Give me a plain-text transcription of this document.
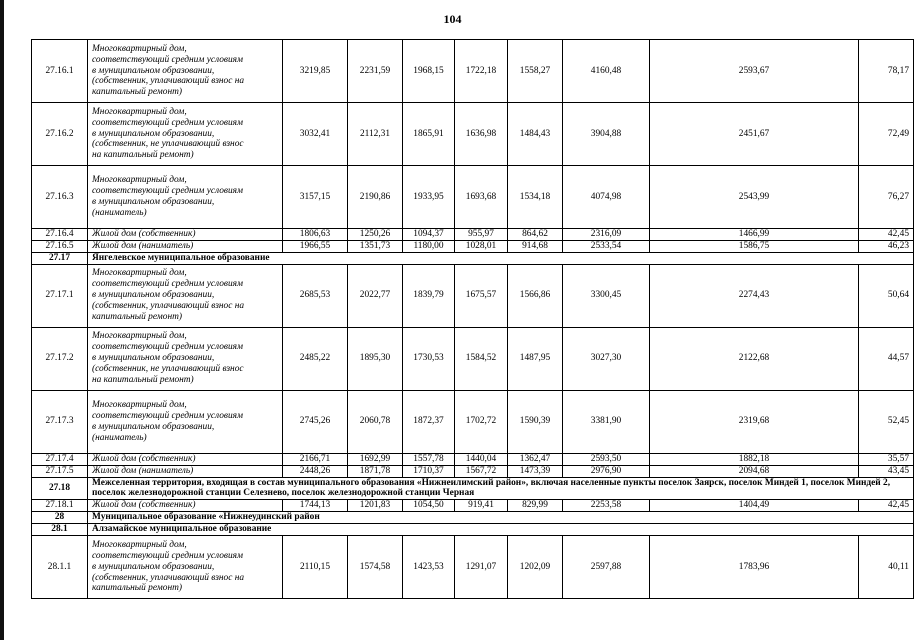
104
27.16.1	Многоквартирный дом,
соответствующий средним условиям
в муниципальном образовании,
(собственник, уплачивающий взнос на
капитальный ремонт)	3219,85	2231,59	1968,15	1722,18	1558,27	4160,48	2593,67	78,17
27.16.2	Многоквартирный дом,
соответствующий средним условиям
в муниципальном образовании,
(собственник, не уплачивающий взнос
на капитальный ремонт)	3032,41	2112,31	1865,91	1636,98	1484,43	3904,88	2451,67	72,49
27.16.3	Многоквартирный дом,
соответствующий средним условиям
в муниципальном образовании,
(наниматель)	3157,15	2190,86	1933,95	1693,68	1534,18	4074,98	2543,99	76,27
27.16.4	Жилой дом (собственник)	1806,63	1250,26	1094,37	955,97	864,62	2316,09	1466,99	42,45
27.16.5	Жилой дом (наниматель)	1966,55	1351,73	1180,00	1028,01	914,68	2533,54	1586,75	46,23
27.17	Янгелевское муниципальное образование								
27.17.1	Многоквартирный дом,
соответствующий средним условиям
в муниципальном образовании,
(собственник, уплачивающий взнос на
капитальный ремонт)	2685,53	2022,77	1839,79	1675,57	1566,86	3300,45	2274,43	50,64
27.17.2	Многоквартирный дом,
соответствующий средним условиям
в муниципальном образовании,
(собственник, не уплачивающий взнос
на капитальный ремонт)	2485,22	1895,30	1730,53	1584,52	1487,95	3027,30	2122,68	44,57
27.17.3	Многоквартирный дом,
соответствующий средним условиям
в муниципальном образовании,
(наниматель)	2745,26	2060,78	1872,37	1702,72	1590,39	3381,90	2319,68	52,45
27.17.4	Жилой дом (собственник)	2166,71	1692,99	1557,78	1440,04	1362,47	2593,50	1882,18	35,57
27.17.5	Жилой дом (наниматель)	2448,26	1871,78	1710,37	1567,72	1473,39	2976,90	2094,68	43,45
27.18	Межселенная территория, входящая в состав муниципального образования «Нижнеилимский район», включая населенные пункты поселок Заярск, поселок Миндей 1, поселок Миндей 2, поселок железнодорожной станции Селезнево, поселок железнодорожной станции Черная								
27.18.1	Жилой дом (собственник)	1744,13	1201,83	1054,50	919,41	829,99	2253,58	1404,49	42,45
28	Муниципальное образование «Нижнеудинский район								
28.1	Алзамайское муниципальное образование								
28.1.1	Многоквартирный дом,
соответствующий средним условиям
в муниципальном образовании,
(собственник, уплачивающий взнос на
капитальный ремонт)	2110,15	1574,58	1423,53	1291,07	1202,09	2597,88	1783,96	40,11
